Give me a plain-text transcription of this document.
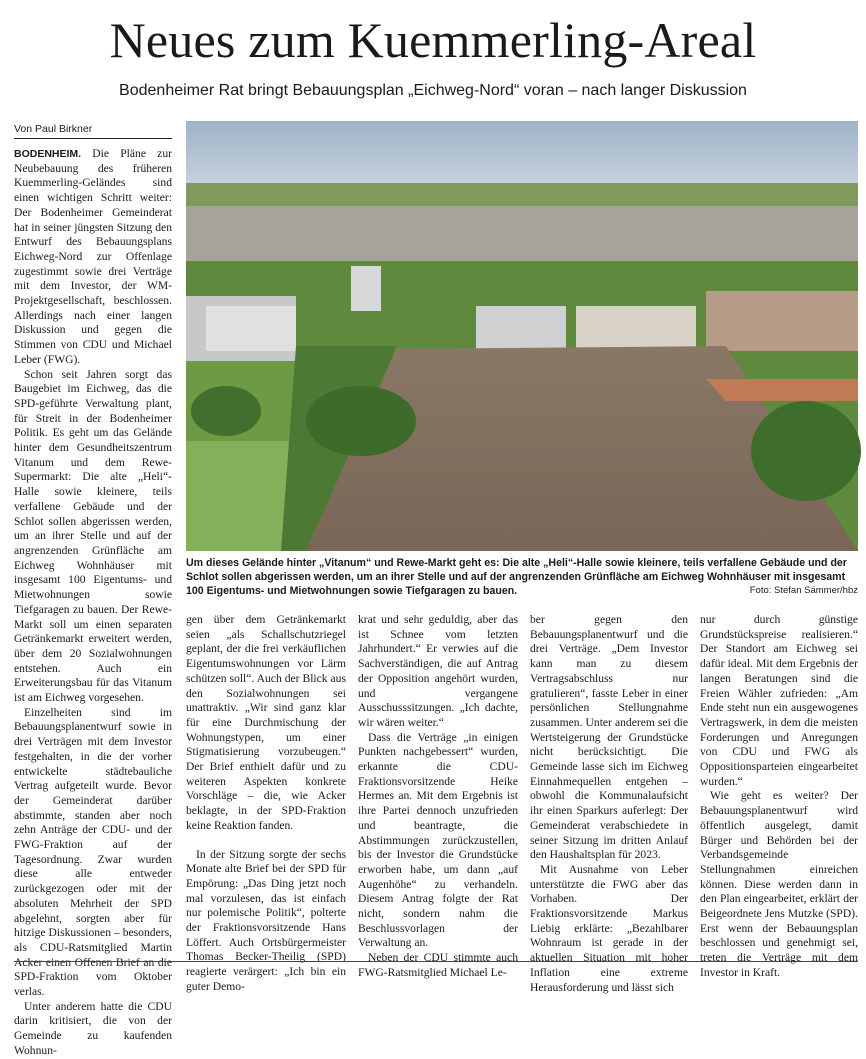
Neues zum Kuemmerling-Areal
Bodenheimer Rat bringt Bebauungsplan „Eichweg-Nord“ voran – nach langer Diskussion
Von Paul Birkner

BODENHEIM. Die Pläne zur Neubebauung des früheren Kuemmerling-Geländes sind einen wichtigen Schritt weiter: Der Bodenheimer Gemeinderat hat in seiner jüngsten Sitzung den Entwurf des Bebauungsplans Eichweg-Nord zur Offenlage zugestimmt sowie drei Verträge mit dem Investor, der WM-Projektgesellschaft, beschlossen. Allerdings nach einer langen Diskussion und gegen die Stimmen von CDU und Michael Leber (FWG).

Schon seit Jahren sorgt das Baugebiet im Eichweg, das die SPD-geführte Verwaltung plant, für Streit in der Bodenheimer Politik. Es geht um das Gelände hinter dem Gesundheitszentrum Vitanum und dem Rewe-Supermarkt: Die alte „Heli“-Halle sowie kleinere, teils verfallene Gebäude und der Schlot sollen abgerissen werden, um an ihrer Stelle und auf der angrenzenden Grünfläche am Eichweg Wohnhäuser mit insgesamt 100 Eigentums- und Mietwohnungen sowie Tiefgaragen zu bauen. Der Rewe-Markt soll um einen separaten Getränkemarkt erweitert werden, über dem 20 Sozialwohnungen entstehen. Auch ein Erweiterungsbau für das Vitanum ist am Eichweg vorgesehen.

Einzelheiten sind im Bebauungsplanentwurf sowie in drei Verträgen mit dem Investor festgehalten, in die der vorher entwickelte städtebauliche Vertrag aufgeteilt wurde. Bevor der Gemeinderat darüber abstimmte, standen aber noch zehn Anträge der CDU- und der FWG-Fraktion auf der Tagesordnung. Zwar wurden diese alle entweder zurückgezogen oder mit der absoluten Mehrheit der SPD abgelehnt, sorgten aber für hitzige Diskussionen – besonders, als CDU-Ratsmitglied Martin Acker einen Offenen Brief an die SPD-Fraktion vom Oktober verlas.

Unter anderem hatte die CDU darin kritisiert, die von der Gemeinde zu kaufenden Wohnun-

Um dieses Gelände hinter „Vitanum“ und Rewe-Markt geht es: Die alte „Heli“-Halle sowie kleinere, teils verfallene Gebäude und der Schlot sollen abgerissen werden, um an ihrer Stelle und auf der angrenzenden Grünfläche am Eichweg Wohnhäuser mit insgesamt 100 Eigentums- und Mietwohnungen sowie Tiefgaragen zu bauen.	Foto: Stefan Sämmer/hbz

gen über dem Getränkemarkt seien „als Schallschutzriegel geplant, der die frei verkäuflichen Eigentumswohnungen vor Lärm schützen soll“. Auch der Blick aus den Sozialwohnungen sei unattraktiv. „Wir sind ganz klar für eine Durchmischung der Wohnungstypen, um einer Stigmatisierung vorzubeugen.“ Der Brief enthielt dafür und zu weiteren Aspekten konkrete Vorschläge – die, wie Acker beklagte, in der SPD-Fraktion keine Reaktion fanden.

In der Sitzung sorgte der sechs Monate alte Brief bei der SPD für Empörung: „Das Ding jetzt noch mal vorzulesen, das ist einfach nur polemische Politik“, polterte der Fraktionsvorsitzende Hans Löffert. Auch Ortsbürgermeister Thomas Becker-Theilig (SPD) reagierte verärgert: „Ich bin ein guter Demo-

krat und sehr geduldig, aber das ist Schnee vom letzten Jahrhundert.“ Er verwies auf die Sachverständigen, die auf Antrag der Opposition angehört wurden, und vergangene Ausschusssitzungen. „Ich dachte, wir wären weiter.“

Dass die Verträge „in einigen Punkten nachgebessert“ wurden, erkannte die CDU-Fraktionsvorsitzende Heike Hermes an. Mit dem Ergebnis ist ihre Partei dennoch unzufrieden und beantragte, die Abstimmungen zurückzustellen, bis der Investor die Grundstücke erworben habe, um dann „auf Augenhöhe“ zu verhandeln. Diesem Antrag folgte der Rat nicht, sondern nahm die Beschlussvorlagen der Verwaltung an.

Neben der CDU stimmte auch FWG-Ratsmitglied Michael Le-

ber gegen den Bebauungsplanentwurf und die drei Verträge. „Dem Investor kann man zu diesem Vertragsabschluss nur gratulieren“, fasste Leber in einer persönlichen Stellungnahme zusammen. Unter anderem sei die Wertsteigerung der Grundstücke nicht berücksichtigt. Die Gemeinde lasse sich im Eichweg Einnahmequellen entgehen – obwohl die Kommunalaufsicht ihr einen Sparkurs auferlegt: Der Gemeinderat verabschiedete in seiner Sitzung im dritten Anlauf den Haushaltsplan für 2023.

Mit Ausnahme von Leber unterstützte die FWG aber das Vorhaben. Der Fraktionsvorsitzende Markus Liebig erklärte: „Bezahlbarer Wohnraum ist gerade in der aktuellen Situation mit hoher Inflation eine extreme Herausforderung und lässt sich

nur durch günstige Grundstückspreise realisieren.“ Der Standort am Eichweg sei dafür ideal. Mit dem Ergebnis der langen Beratungen sind die Freien Wähler zufrieden: „Am Ende steht nun ein ausgewogenes Vertragswerk, in dem die meisten Forderungen und Anregungen von CDU und FWG als Oppositionsparteien eingearbeitet wurden.“

Wie geht es weiter? Der Bebauungsplanentwurf wird öffentlich ausgelegt, damit Bürger und Behörden bei der Verbandsgemeinde Stellungnahmen einreichen können. Diese werden dann in den Plan eingearbeitet, erklärt der Beigeordnete Jens Mutzke (SPD). Erst wenn der Bebauungsplan beschlossen und genehmigt sei, treten die Verträge mit dem Investor in Kraft.
